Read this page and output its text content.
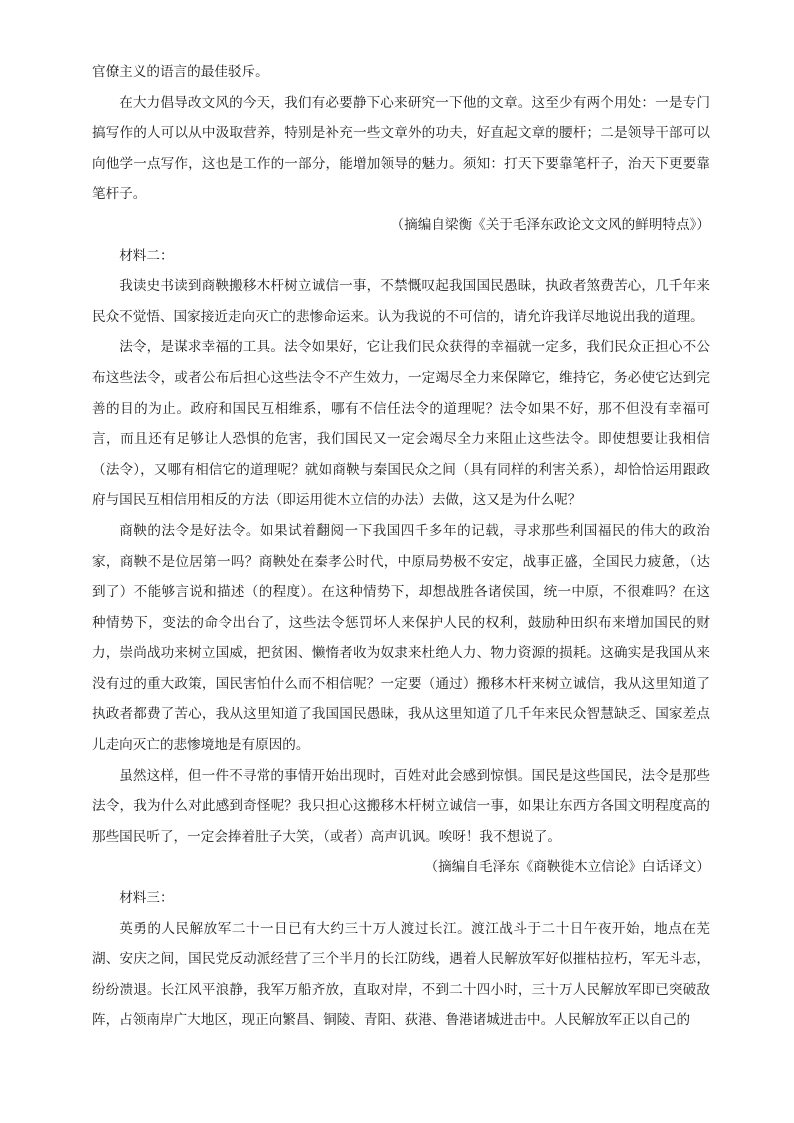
官僚主义的语言的最佳驳斥。

在大力倡导改文风的今天，我们有必要静下心来研究一下他的文章。这至少有两个用处：一是专门搞写作的人可以从中汲取营养，特别是补充一些文章外的功夫，好直起文章的腰杆；二是领导干部可以向他学一点写作，这也是工作的一部分，能增加领导的魅力。须知：打天下要靠笔杆子，治天下更要靠笔杆子。

（摘编自梁衡《关于毛泽东政论文文风的鲜明特点》）

材料二：

我读史书读到商鞅搬移木杆树立诚信一事，不禁慨叹起我国国民愚昧，执政者煞费苦心，几千年来民众不觉悟、国家接近走向灭亡的悲惨命运来。认为我说的不可信的，请允许我详尽地说出我的道理。

法令，是谋求幸福的工具。法令如果好，它让我们民众获得的幸福就一定多，我们民众正担心不公布这些法令，或者公布后担心这些法令不产生效力，一定竭尽全力来保障它，维持它，务必使它达到完善的目的为止。政府和国民互相维系，哪有不信任法令的道理呢？法令如果不好，那不但没有幸福可言，而且还有足够让人恐惧的危害，我们国民又一定会竭尽全力来阻止这些法令。即使想要让我相信（法令），又哪有相信它的道理呢？就如商鞅与秦国民众之间（具有同样的利害关系），却恰恰运用跟政府与国民互相信用相反的方法（即运用徙木立信的办法）去做，这又是为什么呢？

商鞅的法令是好法令。如果试着翻阅一下我国四千多年的记载，寻求那些利国福民的伟大的政治家，商鞅不是位居第一吗？商鞅处在秦孝公时代，中原局势极不安定，战事正盛，全国民力疲惫，（达到了）不能够言说和描述（的程度）。在这种情势下，却想战胜各诸侯国，统一中原，不很难吗？在这种情势下，变法的命令出台了，这些法令惩罚坏人来保护人民的权利，鼓励种田织布来增加国民的财力，崇尚战功来树立国威，把贫困、懒惰者收为奴隶来杜绝人力、物力资源的损耗。这确实是我国从来没有过的重大政策，国民害怕什么而不相信呢？一定要（通过）搬移木杆来树立诚信，我从这里知道了执政者都费了苦心，我从这里知道了我国国民愚昧，我从这里知道了几千年来民众智慧缺乏、国家差点儿走向灭亡的悲惨境地是有原因的。

虽然这样，但一件不寻常的事情开始出现时，百姓对此会感到惊惧。国民是这些国民，法令是那些法令，我为什么对此感到奇怪呢？我只担心这搬移木杆树立诚信一事，如果让东西方各国文明程度高的那些国民听了，一定会捧着肚子大笑，（或者）高声讥讽。唉呀！我不想说了。

（摘编自毛泽东《商鞅徙木立信论》白话译文）

材料三：

英勇的人民解放军二十一日已有大约三十万人渡过长江。渡江战斗于二十日午夜开始，地点在芜湖、安庆之间，国民党反动派经营了三个半月的长江防线，遇着人民解放军好似摧枯拉朽，军无斗志，纷纷溃退。长江风平浪静，我军万船齐放，直取对岸，不到二十四小时，三十万人民解放军即已突破敌阵，占领南岸广大地区，现正向繁昌、铜陵、青阳、荻港、鲁港诸城进击中。人民解放军正以自己的
